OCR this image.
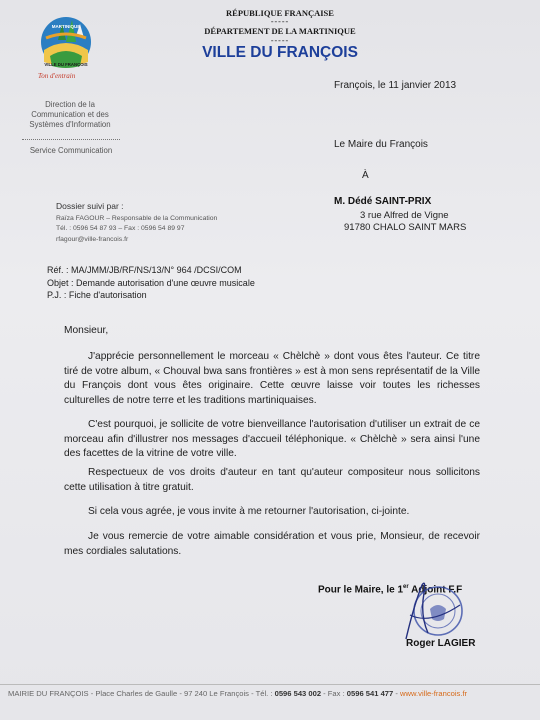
MARTINIQUE
VILLE DU FRANÇOIS
Ton d'entrain
RÉPUBLIQUE FRANÇAISE
-----
DÉPARTEMENT DE LA MARTINIQUE
-----
VILLE DU FRANÇOIS
François, le 11 janvier 2013
Direction de la
Communication et des
Systèmes d'Information
Service Communication
Le Maire du François
À
M. Dédé SAINT-PRIX
3 rue Alfred de Vigne
91780 CHALO SAINT MARS
Dossier suivi par :
Raïza FAGOUR – Responsable de la Communication
Tél. : 0596 54 87 93 – Fax : 0596 54 89 97
rfagour@ville-francois.fr
Réf. : MA/JMM/JB/RF/NS/13/N° 964 /DCSI/COM
Objet : Demande autorisation d'une œuvre musicale
P.J. : Fiche d'autorisation
Monsieur,
J'apprécie personnellement le morceau « Chèlchè » dont vous êtes l'auteur. Ce titre tiré de votre album, « Chouval bwa sans frontières » est à mon sens représentatif de la Ville du François dont vous êtes originaire. Cette œuvre laisse voir toutes les richesses culturelles de notre terre et les traditions martiniquaises.
C'est pourquoi, je sollicite de votre bienveillance l'autorisation d'utiliser un extrait de ce morceau afin d'illustrer nos messages d'accueil téléphonique. « Chèlchè » sera ainsi l'une des facettes de la vitrine de votre ville.
Respectueux de vos droits d'auteur en tant qu'auteur compositeur nous sollicitons cette utilisation à titre gratuit.
Si cela vous agrée, je vous invite à me retourner l'autorisation, ci-jointe.
Je vous remercie de votre aimable considération et vous prie, Monsieur, de recevoir mes cordiales salutations.
Pour le Maire, le 1er Adjoint F.F
Roger LAGIER
MAIRIE DU FRANÇOIS - Place Charles de Gaulle - 97 240 Le François - Tél. : 0596 543 002 - Fax : 0596 541 477 - www.ville-francois.fr
